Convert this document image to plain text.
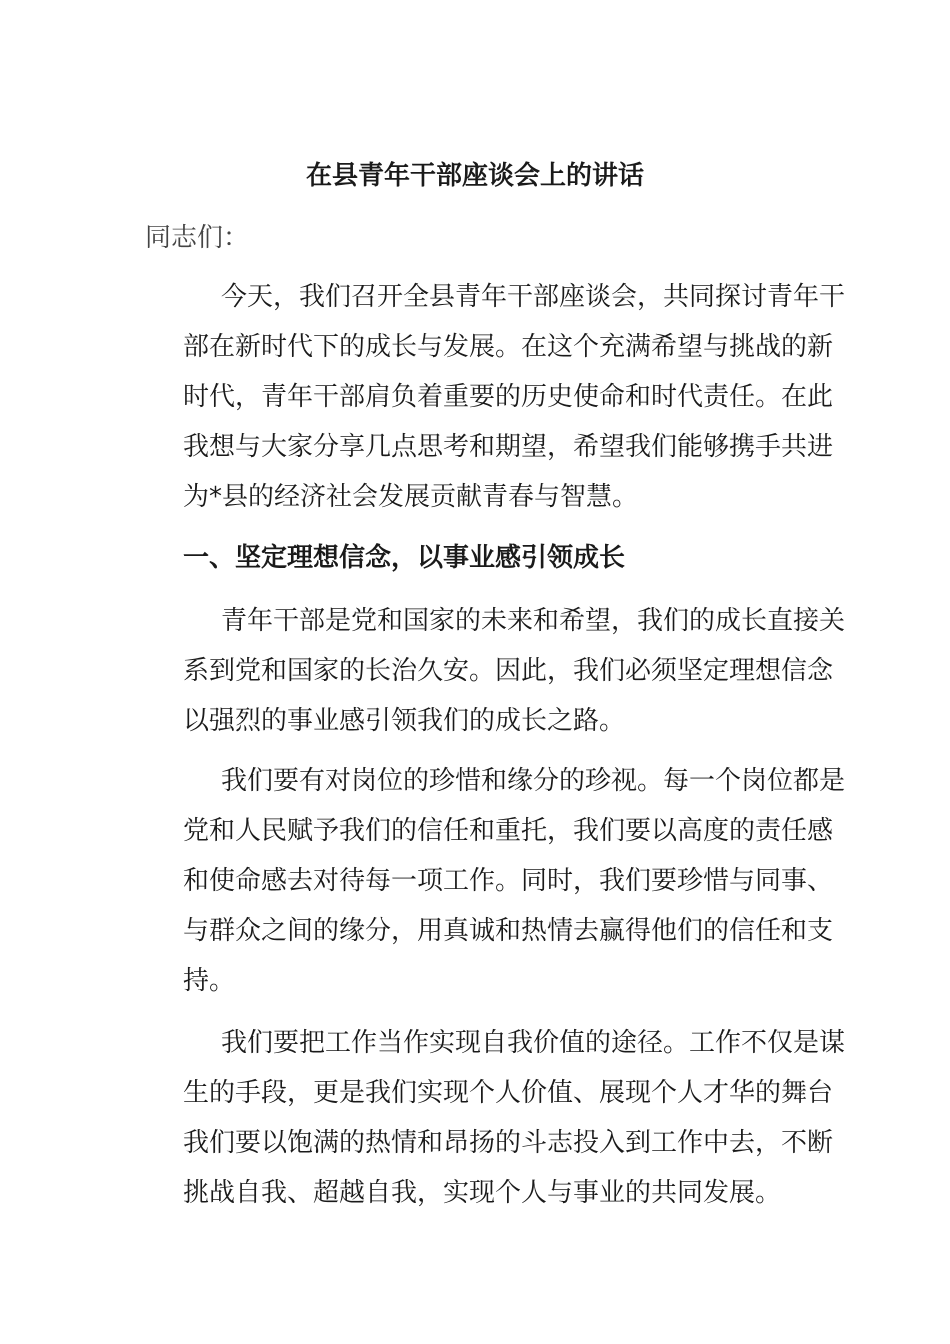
在县青年干部座谈会上的讲话
同志们：
今天，我们召开全县青年干部座谈会，共同探讨青年干
部在新时代下的成长与发展。在这个充满希望与挑战的新
时代，青年干部肩负着重要的历史使命和时代责任。在此
我想与大家分享几点思考和期望，希望我们能够携手共进
为*县的经济社会发展贡献青春与智慧。
一、坚定理想信念，以事业感引领成长
青年干部是党和国家的未来和希望，我们的成长直接关
系到党和国家的长治久安。因此，我们必须坚定理想信念
以强烈的事业感引领我们的成长之路。
我们要有对岗位的珍惜和缘分的珍视。每一个岗位都是
党和人民赋予我们的信任和重托，我们要以高度的责任感
和使命感去对待每一项工作。同时，我们要珍惜与同事、
与群众之间的缘分，用真诚和热情去赢得他们的信任和支
持。
我们要把工作当作实现自我价值的途径。工作不仅是谋
生的手段，更是我们实现个人价值、展现个人才华的舞台
我们要以饱满的热情和昂扬的斗志投入到工作中去，不断
挑战自我、超越自我，实现个人与事业的共同发展。
